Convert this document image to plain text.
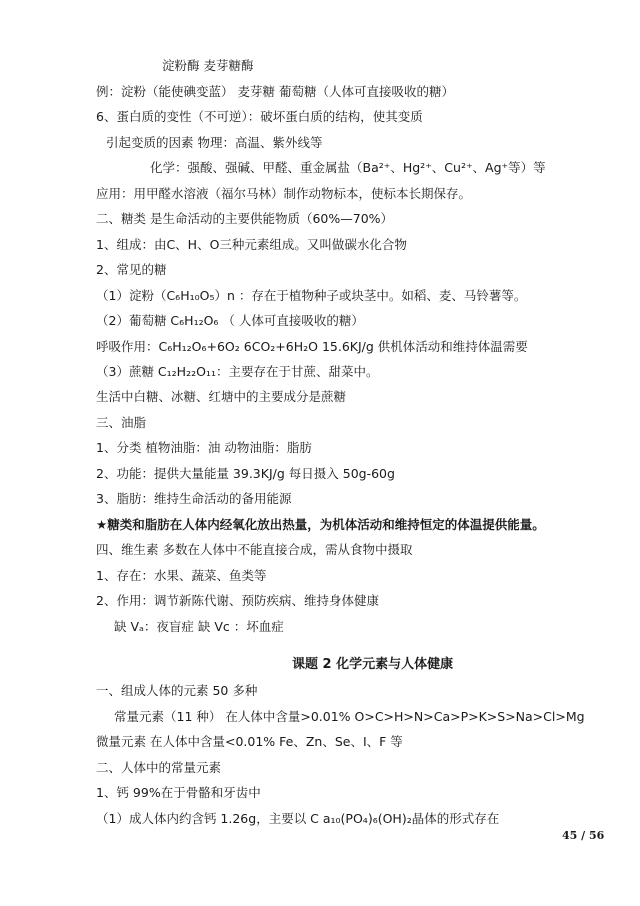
淀粉酶 麦芽糖酶
例：淀粉（能使碘变蓝） 麦芽糖 葡萄糖（人体可直接吸收的糖）
6、蛋白质的变性（不可逆）：破坏蛋白质的结构，使其变质
引起变质的因素 物理：高温、紫外线等
化学：强酸、强碱、甲醛、重金属盐（Ba²⁺、Hg²⁺、Cu²⁺、Ag⁺等）等
应用：用甲醛水溶液（福尔马林）制作动物标本，使标本长期保存。
二、糖类 是生命活动的主要供能物质（60%—70%）
1、组成：由C、H、O三种元素组成。又叫做碳水化合物
2、常见的糖
（1）淀粉（C₆H₁₀O₅）n ：存在于植物种子或块茎中。如稻、麦、马铃薯等。
（2）葡萄糖 C₆H₁₂O₆ （ 人体可直接吸收的糖）
呼吸作用：C₆H₁₂O₆+6O₂ 6CO₂+6H₂O 15.6KJ/g 供机体活动和维持体温需要
（3）蔗糖 C₁₂H₂₂O₁₁：主要存在于甘蔗、甜菜中。
生活中白糖、冰糖、红塘中的主要成分是蔗糖
三、油脂
1、分类 植物油脂：油 动物油脂：脂肪
2、功能：提供大量能量 39.3KJ/g 每日摄入 50g-60g
3、脂肪：维持生命活动的备用能源
★糖类和脂肪在人体内经氧化放出热量，为机体活动和维持恒定的体温提供能量。
四、维生素 多数在人体中不能直接合成，需从食物中摄取
1、存在：水果、蔬菜、鱼类等
2、作用：调节新陈代谢、预防疾病、维持身体健康
缺 Vₐ：夜盲症 缺 Vc ：坏血症
课题 2 化学元素与人体健康
一、组成人体的元素 50 多种
常量元素（11 种） 在人体中含量>0.01% O>C>H>N>Ca>P>K>S>Na>Cl>Mg
微量元素 在人体中含量<0.01% Fe、Zn、Se、I、F 等
二、人体中的常量元素
1、钙 99%在于骨骼和牙齿中
（1）成人体内约含钙 1.26g，主要以 C a₁₀(PO₄)₆(OH)₂晶体的形式存在
45 / 56
